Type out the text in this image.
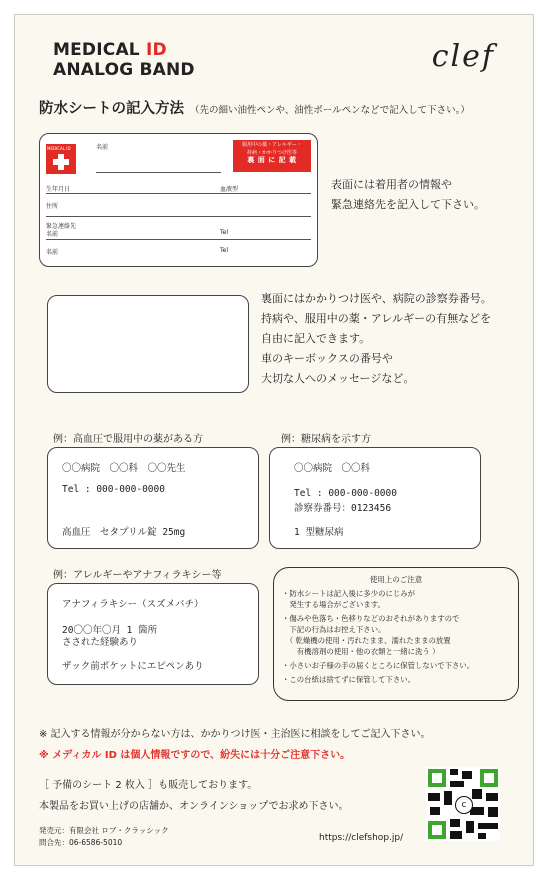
MEDICAL ID
ANALOG BAND	clef
防水シートの記入方法 （先の細い油性ペンや、油性ボールペンなどで記入して下さい。）
MEDICAL ID	名前	服用中の薬・アレルギー・
持病・かかりつけ医等
裏 面 に 記 載
生年月日	血液型
住所
緊急連絡先
名前	Tel
名前	Tel
表面には着用者の情報や
緊急連絡先を記入して下さい。
裏面にはかかりつけ医や、病院の診察券番号。
持病や、服用中の薬・アレルギーの有無などを
自由に記入できます。
車のキーボックスの番号や
大切な人へのメッセージなど。
例：高血圧で服用中の薬がある方
〇〇病院　〇〇科　〇〇先生
Tel : 000-000-0000
高血圧　セタプリル錠 25mg
例：糖尿病を示す方
〇〇病院　〇〇科
Tel : 000-000-0000
診察券番号：0123456
1 型糖尿病
例：アレルギーやアナフィラキシー等
アナフィラキシー（スズメバチ）
20〇〇年〇月 1 箇所
さされた経験あり
ザック前ポケットにエピペンあり
使用上のご注意
・防水シートは記入後に多少のにじみが
　発生する場合がございます。
・傷みや色落ち・色移りなどのおそれがありますので
　下記の行為はお控え下さい。
　（ 乾燥機の使用・汚れたまま、濡れたままの放置
　　有機溶剤の使用・他の衣類と一緒に洗う ）
・小さいお子様の手の届くところに保管しないで下さい。
・この台紙は捨てずに保管して下さい。
※ 記入する情報が分からない方は、かかりつけ医・主治医に相談をしてご記入下さい。
※ メディカル ID は個人情報ですので、紛失には十分ご注意下さい。
［ 予備のシート 2 枚入 ］も販売しております。
本製品をお買い上げの店舗か、オンラインショップでお求め下さい。
発売元：有限会社 ロブ・クラッシック
問合先：06-6586-5010	https://clefshop.jp/
c
